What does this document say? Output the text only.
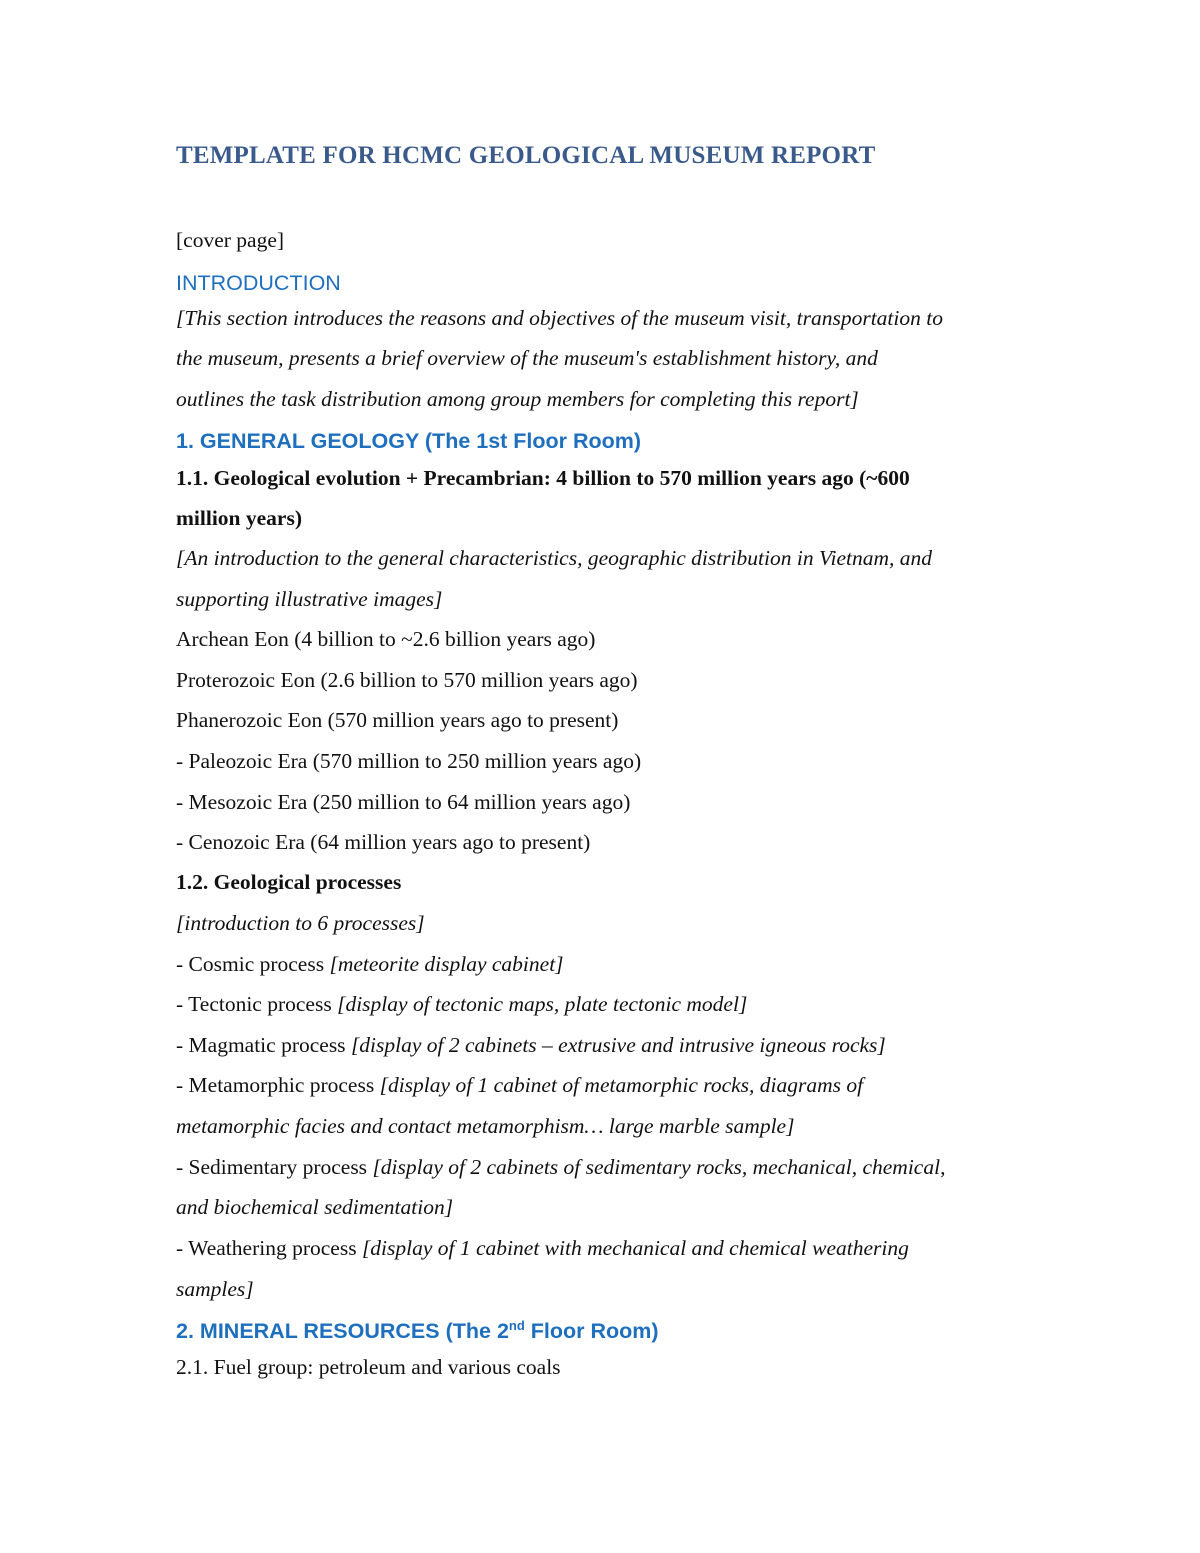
TEMPLATE FOR HCMC GEOLOGICAL MUSEUM REPORT
[cover page]
INTRODUCTION
[This section introduces the reasons and objectives of the museum visit, transportation to
the museum, presents a brief overview of the museum's establishment history, and
outlines the task distribution among group members for completing this report]
1. GENERAL GEOLOGY (The 1st Floor Room)
1.1. Geological evolution + Precambrian: 4 billion to 570 million years ago (~600
million years)
[An introduction to the general characteristics, geographic distribution in Vietnam, and
supporting illustrative images]
Archean Eon (4 billion to ~2.6 billion years ago)
Proterozoic Eon (2.6 billion to 570 million years ago)
Phanerozoic Eon (570 million years ago to present)
- Paleozoic Era (570 million to 250 million years ago)
- Mesozoic Era (250 million to 64 million years ago)
- Cenozoic Era (64 million years ago to present)
1.2. Geological processes
[introduction to 6 processes]
- Cosmic process [meteorite display cabinet]
- Tectonic process [display of tectonic maps, plate tectonic model]
- Magmatic process [display of 2 cabinets – extrusive and intrusive igneous rocks]
- Metamorphic process [display of 1 cabinet of metamorphic rocks, diagrams of
metamorphic facies and contact metamorphism… large marble sample]
- Sedimentary process [display of 2 cabinets of sedimentary rocks, mechanical, chemical,
and biochemical sedimentation]
- Weathering process [display of 1 cabinet with mechanical and chemical weathering
samples]
2. MINERAL RESOURCES (The 2nd Floor Room)
2.1. Fuel group: petroleum and various coals
